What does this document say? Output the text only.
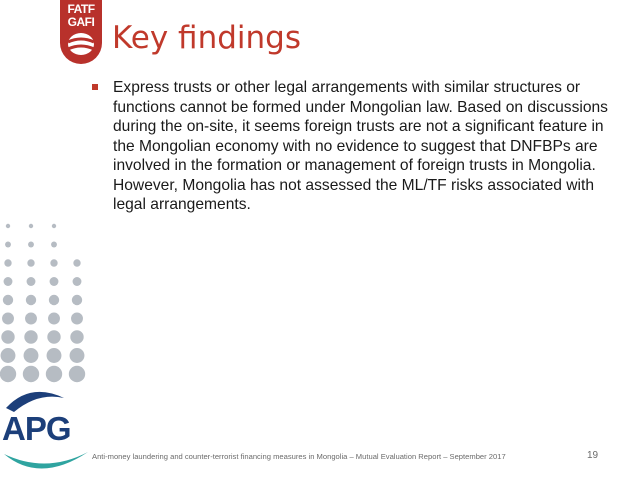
FATF
GAFI Key findings
Express trusts or other legal arrangements with similar structures or functions cannot be formed under Mongolian law. Based on discussions during the on-site, it seems foreign trusts are not a significant feature in the Mongolian economy with no evidence to suggest that DNFBPs are involved in the formation or management of foreign trusts in Mongolia. However, Mongolia has not assessed the ML/TF risks associated with legal arrangements.
APG
Anti-money laundering and counter-terrorist financing measures in Mongolia – Mutual Evaluation Report – September 2017	19
